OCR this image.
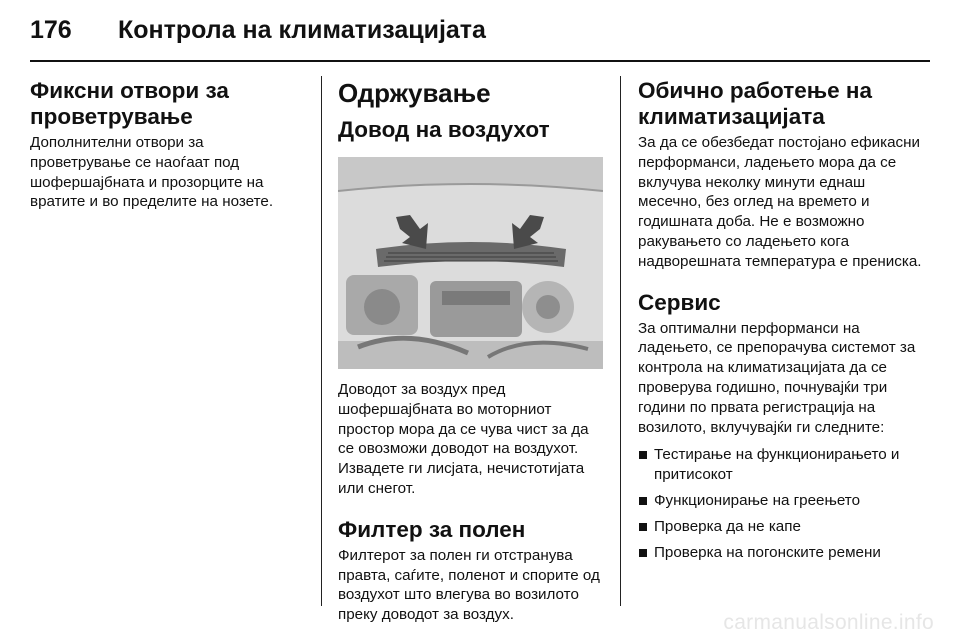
176 Контрола на климатизацијата
Фиксни отвори за проветрување
Дополнителни отвори за проветрување се наоѓаат под шофершајбната и прозорците на вратите и во пределите на нозете.
Одржување
Довод на воздухот
Доводот за воздух пред шофершајбната во моторниот простор мора да се чува чист за да се овозможи доводот на воздухот. Извадете ги лисјата, нечистотијата или снегот.
Филтер за полен
Филтерот за полен ги отстранува правта, саѓите, поленот и спорите од воздухот што влегува во возилото преку доводот за воздух.
Обично работење на климатизацијата
За да се обезбедат постојано ефикасни перформанси, ладењето мора да се вклучува неколку минути еднаш месечно, без оглед на времето и годишната доба. Не е возможно ракувањето со ладењето кога надворешната температура е прениска.
Сервис
За оптимални перформанси на ладењето, се препорачува системот за контрола на климатизацијата да се проверува годишно, почнувајќи три години по првата регистрација на возилото, вклучувајќи ги следните:
Тестирање на функционирањето и притисокот
Функционирање на греењето
Проверка да не капе
Проверка на погонските ремени
carmanualsonline.info
